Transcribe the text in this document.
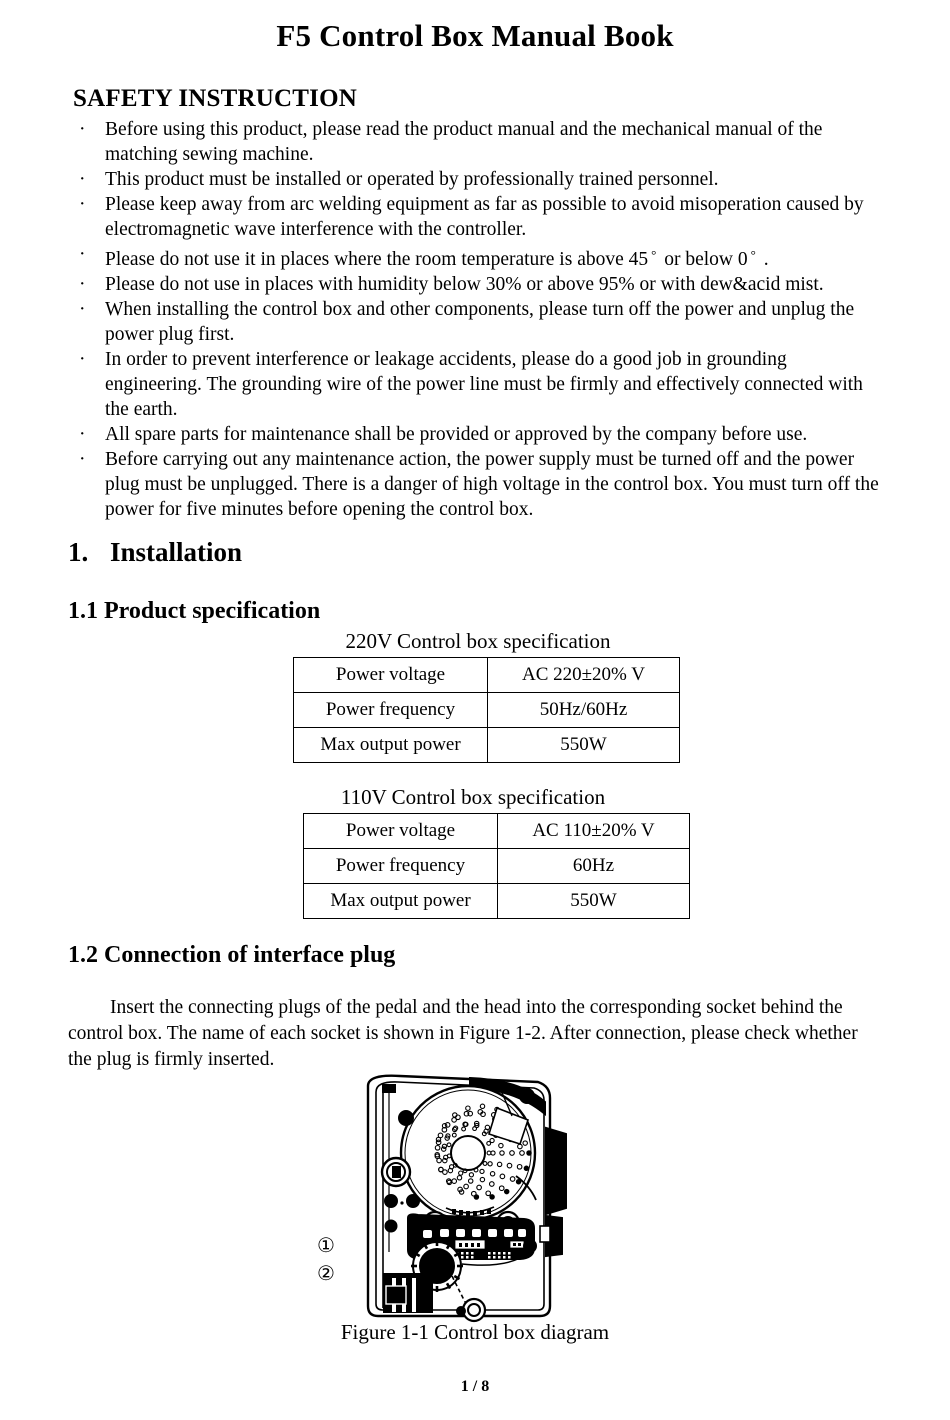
F5 Control Box Manual Book
SAFETY INSTRUCTION
·	Before using this product, please read the product manual and the mechanical manual of the matching sewing machine.
·	This product must be installed or operated by professionally trained personnel.
·	Please keep away from arc welding equipment as far as possible to avoid misoperation caused by electromagnetic wave interference with the controller.
·	Please do not use it in places where the room temperature is above 45 ° or below 0 ° .
·	Please do not use in places with humidity below 30% or above 95% or with dew&acid mist.
·	When installing the control box and other components, please turn off the power and unplug the power plug first.
·	In order to prevent interference or leakage accidents, please do a good job in grounding engineering. The grounding wire of the power line must be firmly and effectively connected with the earth.
·	All spare parts for maintenance shall be provided or approved by the company before use.
·	Before carrying out any maintenance action, the power supply must be turned off and the power plug must be unplugged. There is a danger of high voltage in the control box. You must turn off the power for five minutes before opening the control box.
1. Installation
1.1 Product specification
220V Control box specification
Power voltage	AC 220±20% V
Power frequency	50Hz/60Hz
Max output power	550W
110V Control box specification
Power voltage	AC 110±20% V
Power frequency	60Hz
Max output power	550W
1.2 Connection of interface plug
Insert the connecting plugs of the pedal and the head into the corresponding socket behind the control box. The name of each socket is shown in Figure 1-2. After connection, please check whether the plug is firmly inserted.
①
②
Figure 1-1 Control box diagram
1 / 8
